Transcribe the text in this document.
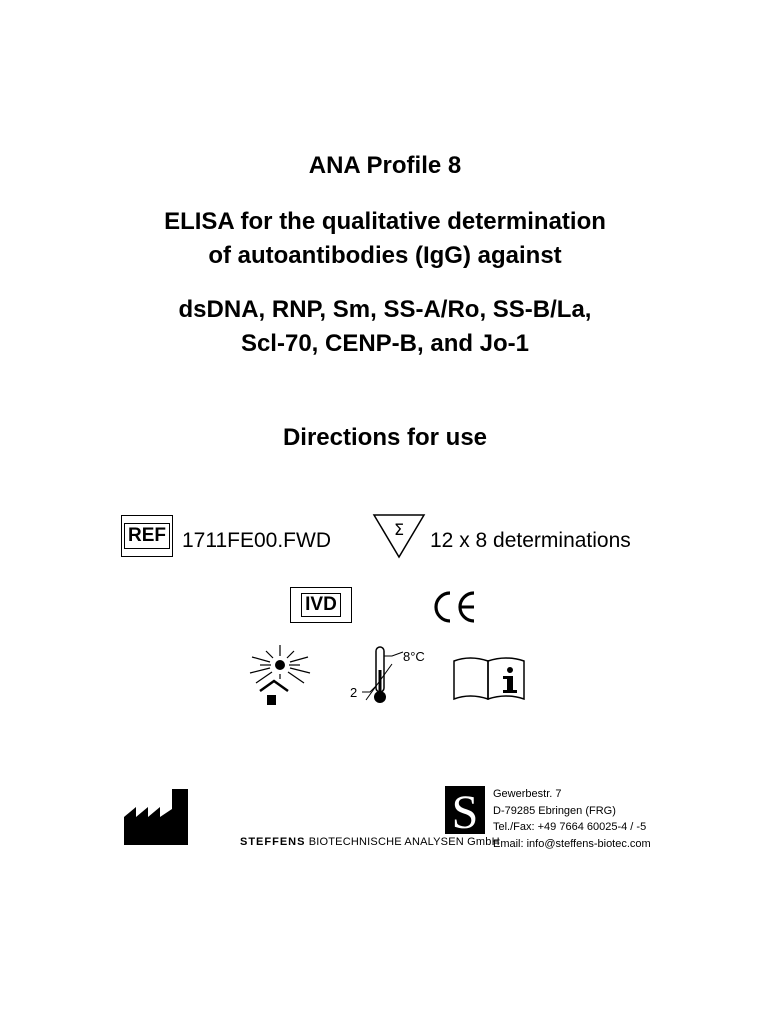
ANA Profile 8
ELISA for the qualitative determination
of autoantibodies (IgG) against
dsDNA, RNP, Sm, SS-A/Ro, SS-B/La,
Scl-70, CENP-B, and Jo-1
Directions for use
REF 1711FE00.FWD	Σ 12 x 8 determinations
IVD
8°C
2
S
STEFFENS BIOTECHNISCHE ANALYSEN GmbH
Gewerbestr. 7
D-79285 Ebringen (FRG)
Tel./Fax: +49 7664 60025-4 / -5
Email: info@steffens-biotec.com
